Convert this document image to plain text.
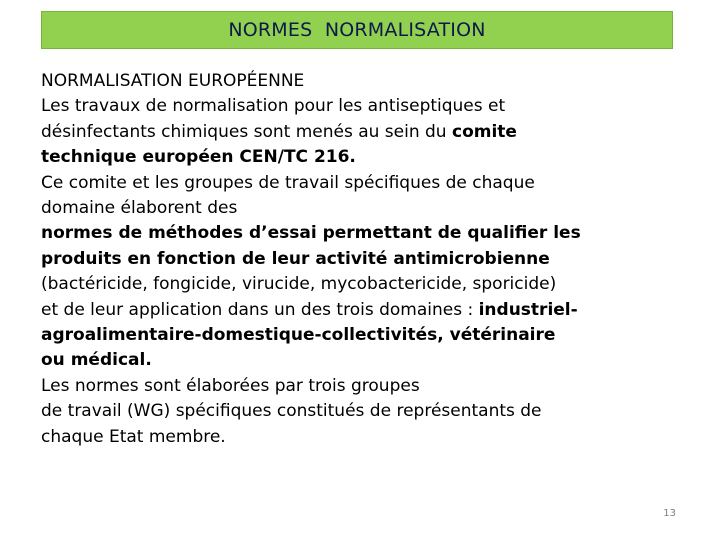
NORMES  NORMALISATION
NORMALISATION EUROPÉENNE
Les travaux de normalisation pour les antiseptiques et
désinfectants chimiques sont menés au sein du comite
technique européen CEN/TC 216.
Ce comite et les groupes de travail spécifiques de chaque
domaine élaborent des
normes de méthodes d’essai permettant de qualifier les
produits en fonction de leur activité antimicrobienne
(bactéricide, fongicide, virucide, mycobactericide, sporicide)
et de leur application dans un des trois domaines : industriel-
agroalimentaire-domestique-collectivités, vétérinaire
ou médical.
Les normes sont élaborées par trois groupes
de travail (WG) spécifiques constitués de représentants de
chaque Etat membre.
13
